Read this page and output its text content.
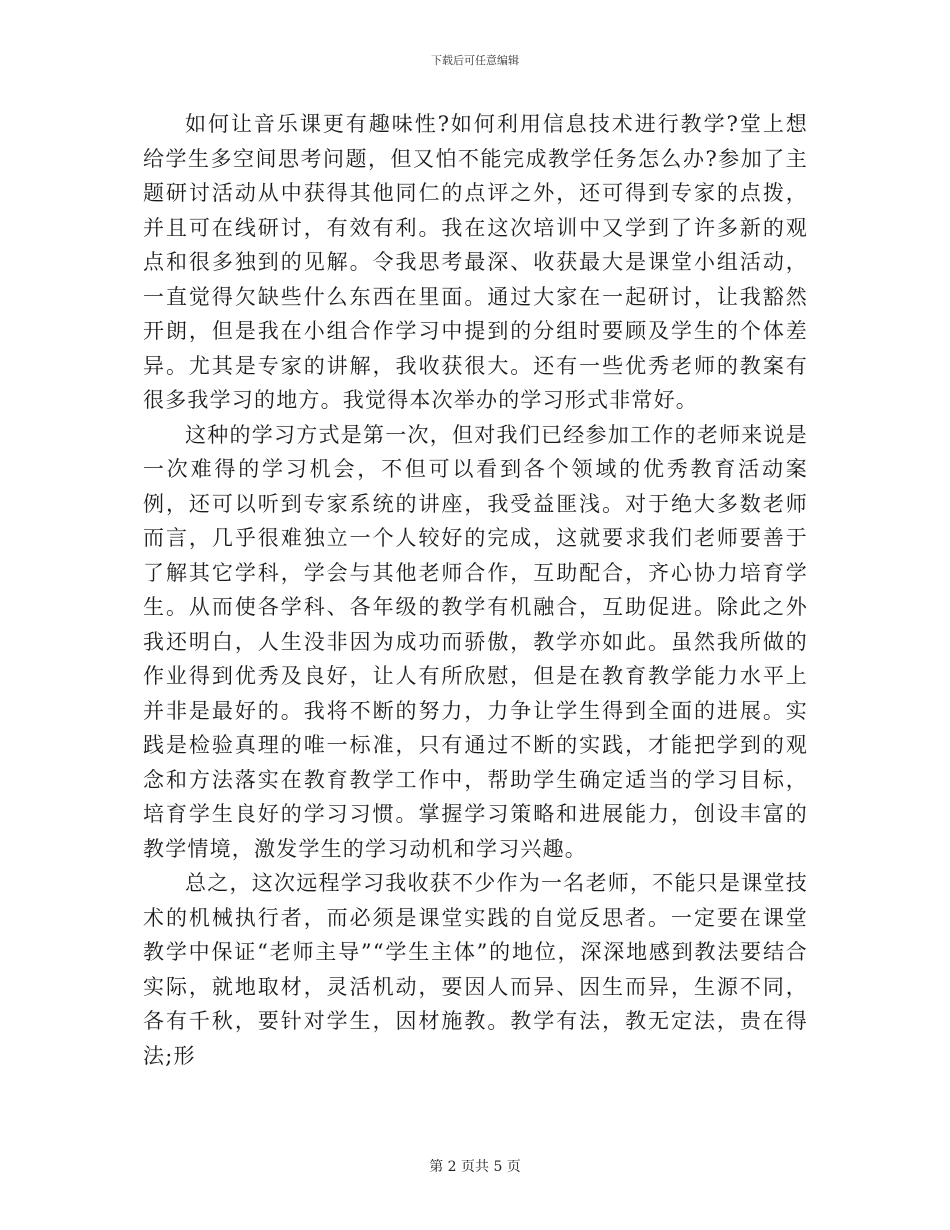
下载后可任意编辑

如何让音乐课更有趣味性?如何利用信息技术进行教学?堂上想给学生多空间思考问题，但又怕不能完成教学任务怎么办?参加了主题研讨活动从中获得其他同仁的点评之外，还可得到专家的点拨，并且可在线研讨，有效有利。我在这次培训中又学到了许多新的观点和很多独到的见解。令我思考最深、收获最大是课堂小组活动，一直觉得欠缺些什么东西在里面。通过大家在一起研讨，让我豁然开朗，但是我在小组合作学习中提到的分组时要顾及学生的个体差异。尤其是专家的讲解，我收获很大。还有一些优秀老师的教案有很多我学习的地方。我觉得本次举办的学习形式非常好。

这种的学习方式是第一次，但对我们已经参加工作的老师来说是一次难得的学习机会，不但可以看到各个领域的优秀教育活动案例，还可以听到专家系统的讲座，我受益匪浅。对于绝大多数老师而言，几乎很难独立一个人较好的完成，这就要求我们老师要善于了解其它学科，学会与其他老师合作，互助配合，齐心协力培育学生。从而使各学科、各年级的教学有机融合，互助促进。除此之外我还明白，人生没非因为成功而骄傲，教学亦如此。虽然我所做的作业得到优秀及良好，让人有所欣慰，但是在教育教学能力水平上并非是最好的。我将不断的努力，力争让学生得到全面的进展。实践是检验真理的唯一标准，只有通过不断的实践，才能把学到的观念和方法落实在教育教学工作中，帮助学生确定适当的学习目标，培育学生良好的学习习惯。掌握学习策略和进展能力，创设丰富的教学情境，激发学生的学习动机和学习兴趣。

总之，这次远程学习我收获不少作为一名老师，不能只是课堂技术的机械执行者，而必须是课堂实践的自觉反思者。一定要在课堂教学中保证“老师主导”“学生主体”的地位，深深地感到教法要结合实际，就地取材，灵活机动，要因人而异、因生而异，生源不同，各有千秋，要针对学生，因材施教。教学有法，教无定法，贵在得法;形

第 2 页共 5 页
